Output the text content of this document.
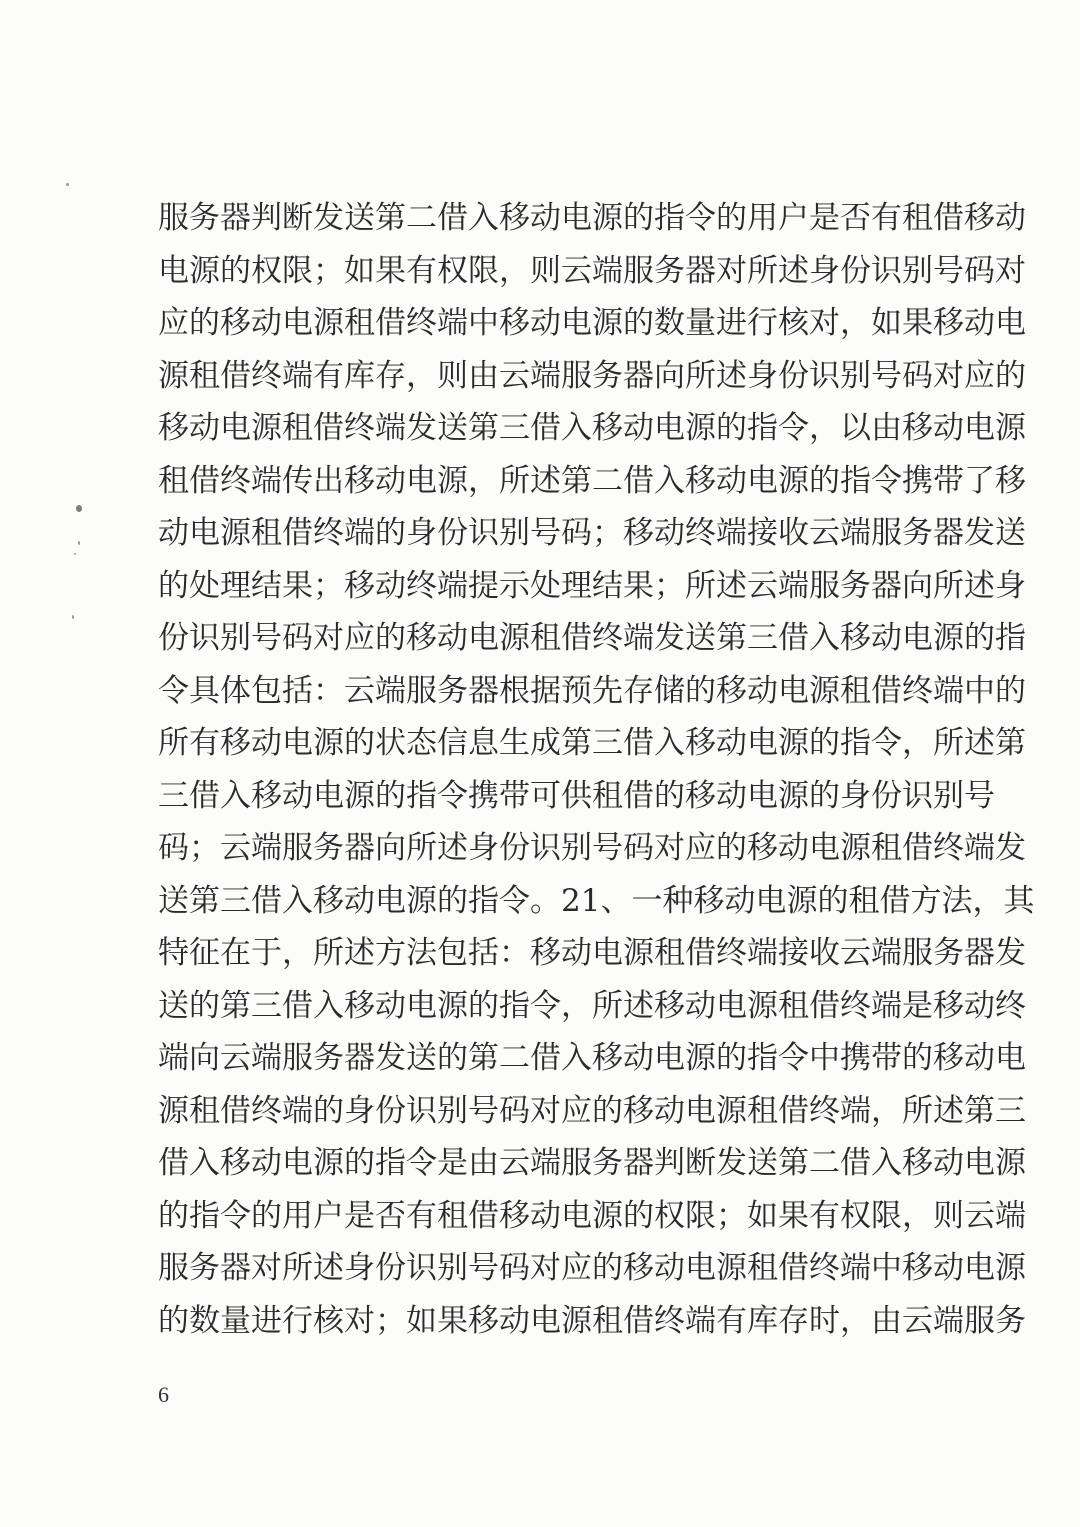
服务器判断发送第二借入移动电源的指令的用户是否有租借移动
电源的权限；如果有权限，则云端服务器对所述身份识别号码对
应的移动电源租借终端中移动电源的数量进行核对，如果移动电
源租借终端有库存，则由云端服务器向所述身份识别号码对应的
移动电源租借终端发送第三借入移动电源的指令，以由移动电源
租借终端传出移动电源，所述第二借入移动电源的指令携带了移
动电源租借终端的身份识别号码；移动终端接收云端服务器发送
的处理结果；移动终端提示处理结果；所述云端服务器向所述身
份识别号码对应的移动电源租借终端发送第三借入移动电源的指
令具体包括：云端服务器根据预先存储的移动电源租借终端中的
所有移动电源的状态信息生成第三借入移动电源的指令，所述第
三借入移动电源的指令携带可供租借的移动电源的身份识别号
码；云端服务器向所述身份识别号码对应的移动电源租借终端发
送第三借入移动电源的指令。21、一种移动电源的租借方法，其
特征在于，所述方法包括：移动电源租借终端接收云端服务器发
送的第三借入移动电源的指令，所述移动电源租借终端是移动终
端向云端服务器发送的第二借入移动电源的指令中携带的移动电
源租借终端的身份识别号码对应的移动电源租借终端，所述第三
借入移动电源的指令是由云端服务器判断发送第二借入移动电源
的指令的用户是否有租借移动电源的权限；如果有权限，则云端
服务器对所述身份识别号码对应的移动电源租借终端中移动电源
的数量进行核对；如果移动电源租借终端有库存时，由云端服务
6
